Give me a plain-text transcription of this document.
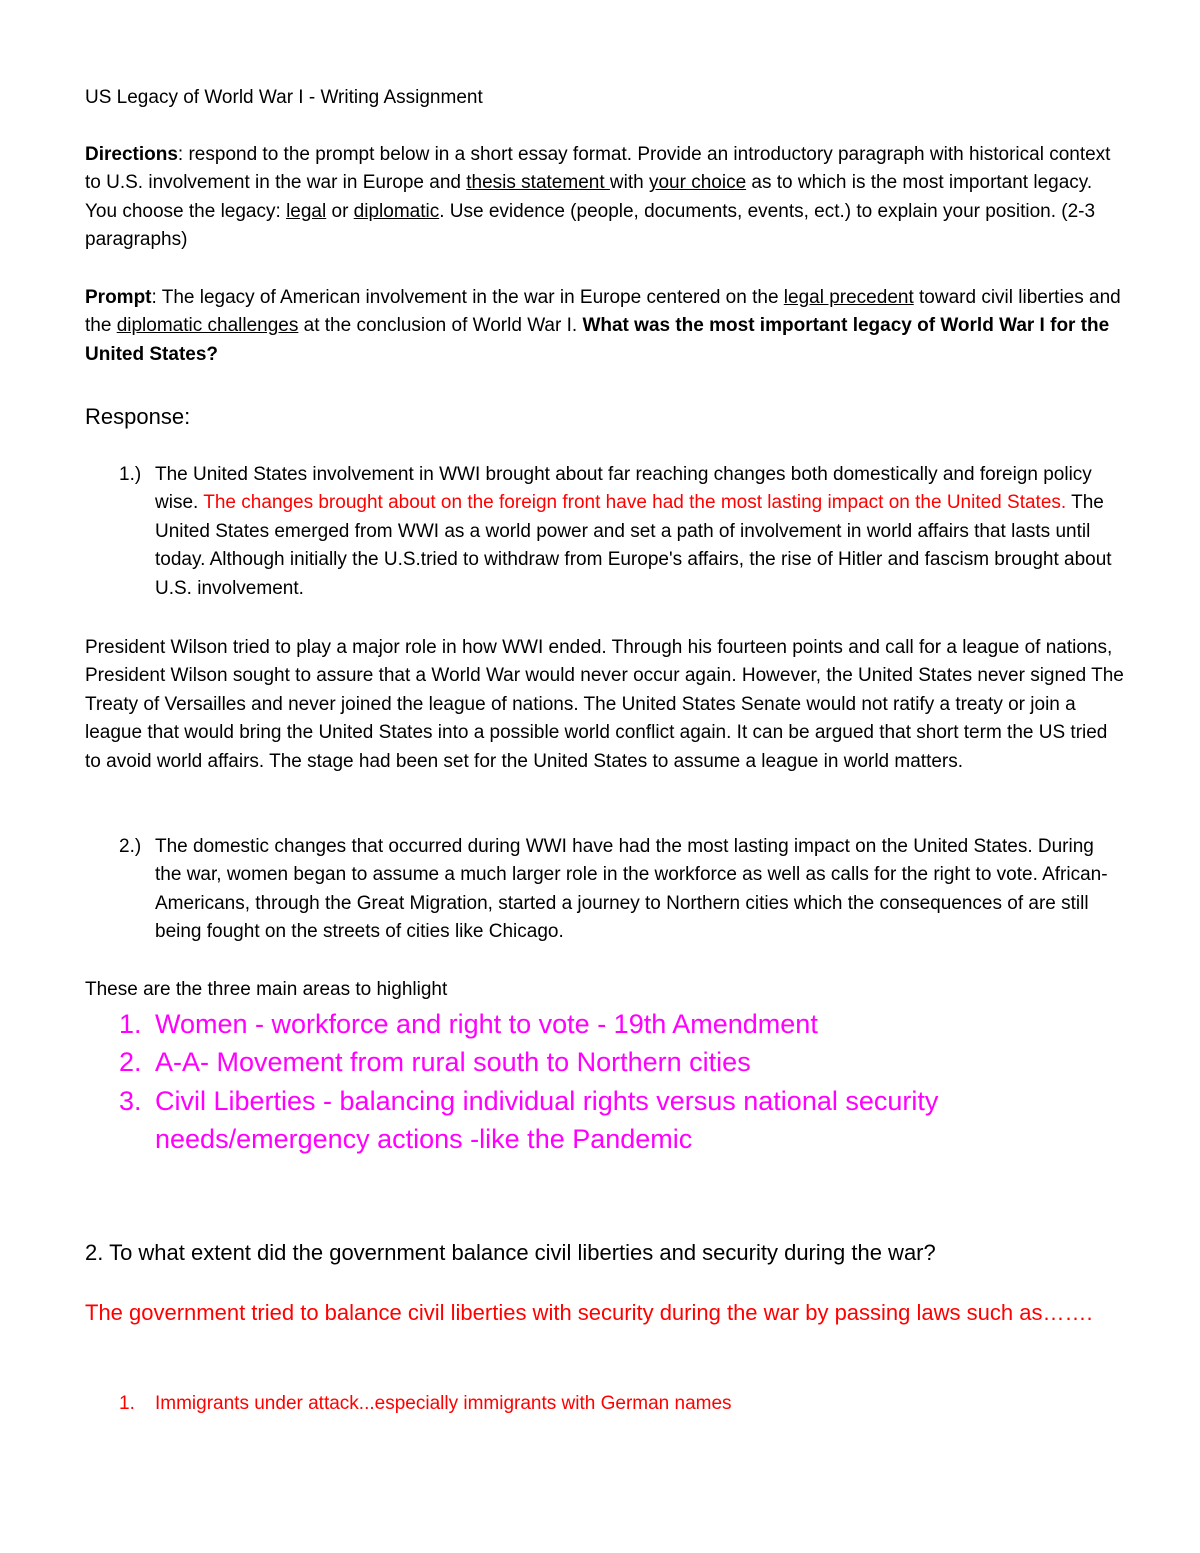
US Legacy of World War I - Writing Assignment
Directions: respond to the prompt below in a short essay format. Provide an introductory paragraph with historical context to U.S. involvement in the war in Europe and thesis statement with your choice as to which is the most important legacy. You choose the legacy: legal or diplomatic. Use evidence (people, documents, events, ect.) to explain your position. (2-3 paragraphs)
Prompt: The legacy of American involvement in the war in Europe centered on the legal precedent toward civil liberties and the diplomatic challenges at the conclusion of World War I. What was the most important legacy of World War I for the United States?
Response:
1.) The United States involvement in WWI brought about far reaching changes both domestically and foreign policy wise. The changes brought about on the foreign front have had the most lasting impact on the United States. The United States emerged from WWI as a world power and set a path of involvement in world affairs that lasts until today. Although initially the U.S.tried to withdraw from Europe's affairs, the rise of Hitler and fascism brought about U.S. involvement.
President Wilson tried to play a major role in how WWI ended. Through his fourteen points and call for a league of nations, President Wilson sought to assure that a World War would never occur again. However, the United States never signed The Treaty of Versailles and never joined the league of nations. The United States Senate would not ratify a treaty or join a league that would bring the United States into a possible world conflict again. It can be argued that short term the US tried to avoid world affairs. The stage had been set for the United States to assume a league in world matters.
2.) The domestic changes that occurred during WWI have had the most lasting impact on the United States. During the war, women began to assume a much larger role in the workforce as well as calls for the right to vote. African- Americans, through the Great Migration, started a journey to Northern cities which the consequences of are still being fought on the streets of cities like Chicago.
These are the three main areas to highlight
1. Women - workforce and right to vote - 19th Amendment
2. A-A- Movement from rural south to Northern cities
3. Civil Liberties - balancing individual rights versus national security needs/emergency actions -like the Pandemic
2. To what extent did the government balance civil liberties and security during the war?
The government tried to balance civil liberties with security during the war by passing laws such as…….
1. Immigrants under attack...especially immigrants with German names
